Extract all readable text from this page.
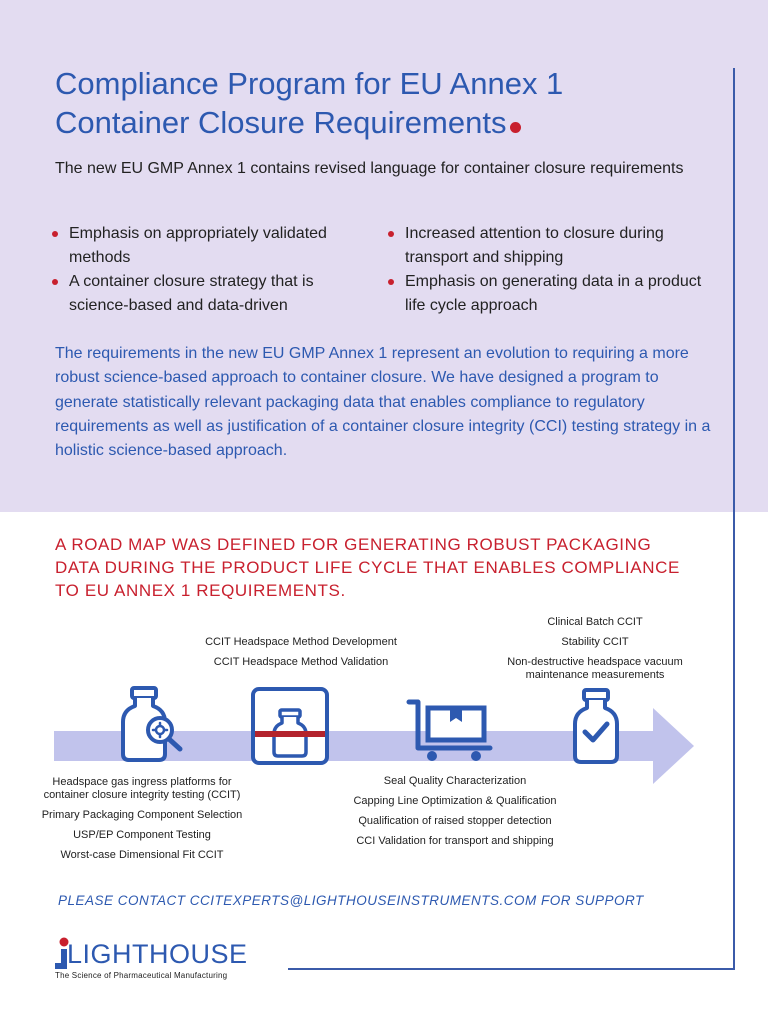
Compliance Program for EU Annex 1
Container Closure Requirements
The new EU GMP Annex 1 contains revised language for container closure requirements
Emphasis on appropriately validated methods
A container closure strategy that is science-based and data-driven
Increased attention to closure during transport and shipping
Emphasis on generating data in a product life cycle approach
The requirements in the new EU GMP Annex 1 represent an evolution to requiring a more robust science-based approach to container closure. We have designed a program to generate statistically relevant packaging data that enables compliance to regulatory requirements as well as justification of a container closure integrity (CCI) testing strategy in a holistic science-based approach.
A ROAD MAP WAS DEFINED FOR GENERATING ROBUST PACKAGING
DATA DURING THE PRODUCT LIFE CYCLE THAT ENABLES COMPLIANCE
TO EU ANNEX 1 REQUIREMENTS.
CCIT Headspace Method Development
CCIT Headspace Method Validation
Clinical Batch CCIT
Stability CCIT
Non-destructive headspace vacuum
maintenance measurements
Headspace gas ingress platforms for
container closure integrity testing (CCIT)
Primary Packaging Component Selection
USP/EP Component Testing
Worst-case Dimensional Fit CCIT
Seal Quality Characterization
Capping Line Optimization & Qualification
Qualification of raised stopper detection
CCI Validation for transport and shipping
PLEASE CONTACT CCITEXPERTS@LIGHTHOUSEINSTRUMENTS.COM FOR SUPPORT
LIGHTHOUSE
The Science of Pharmaceutical Manufacturing
